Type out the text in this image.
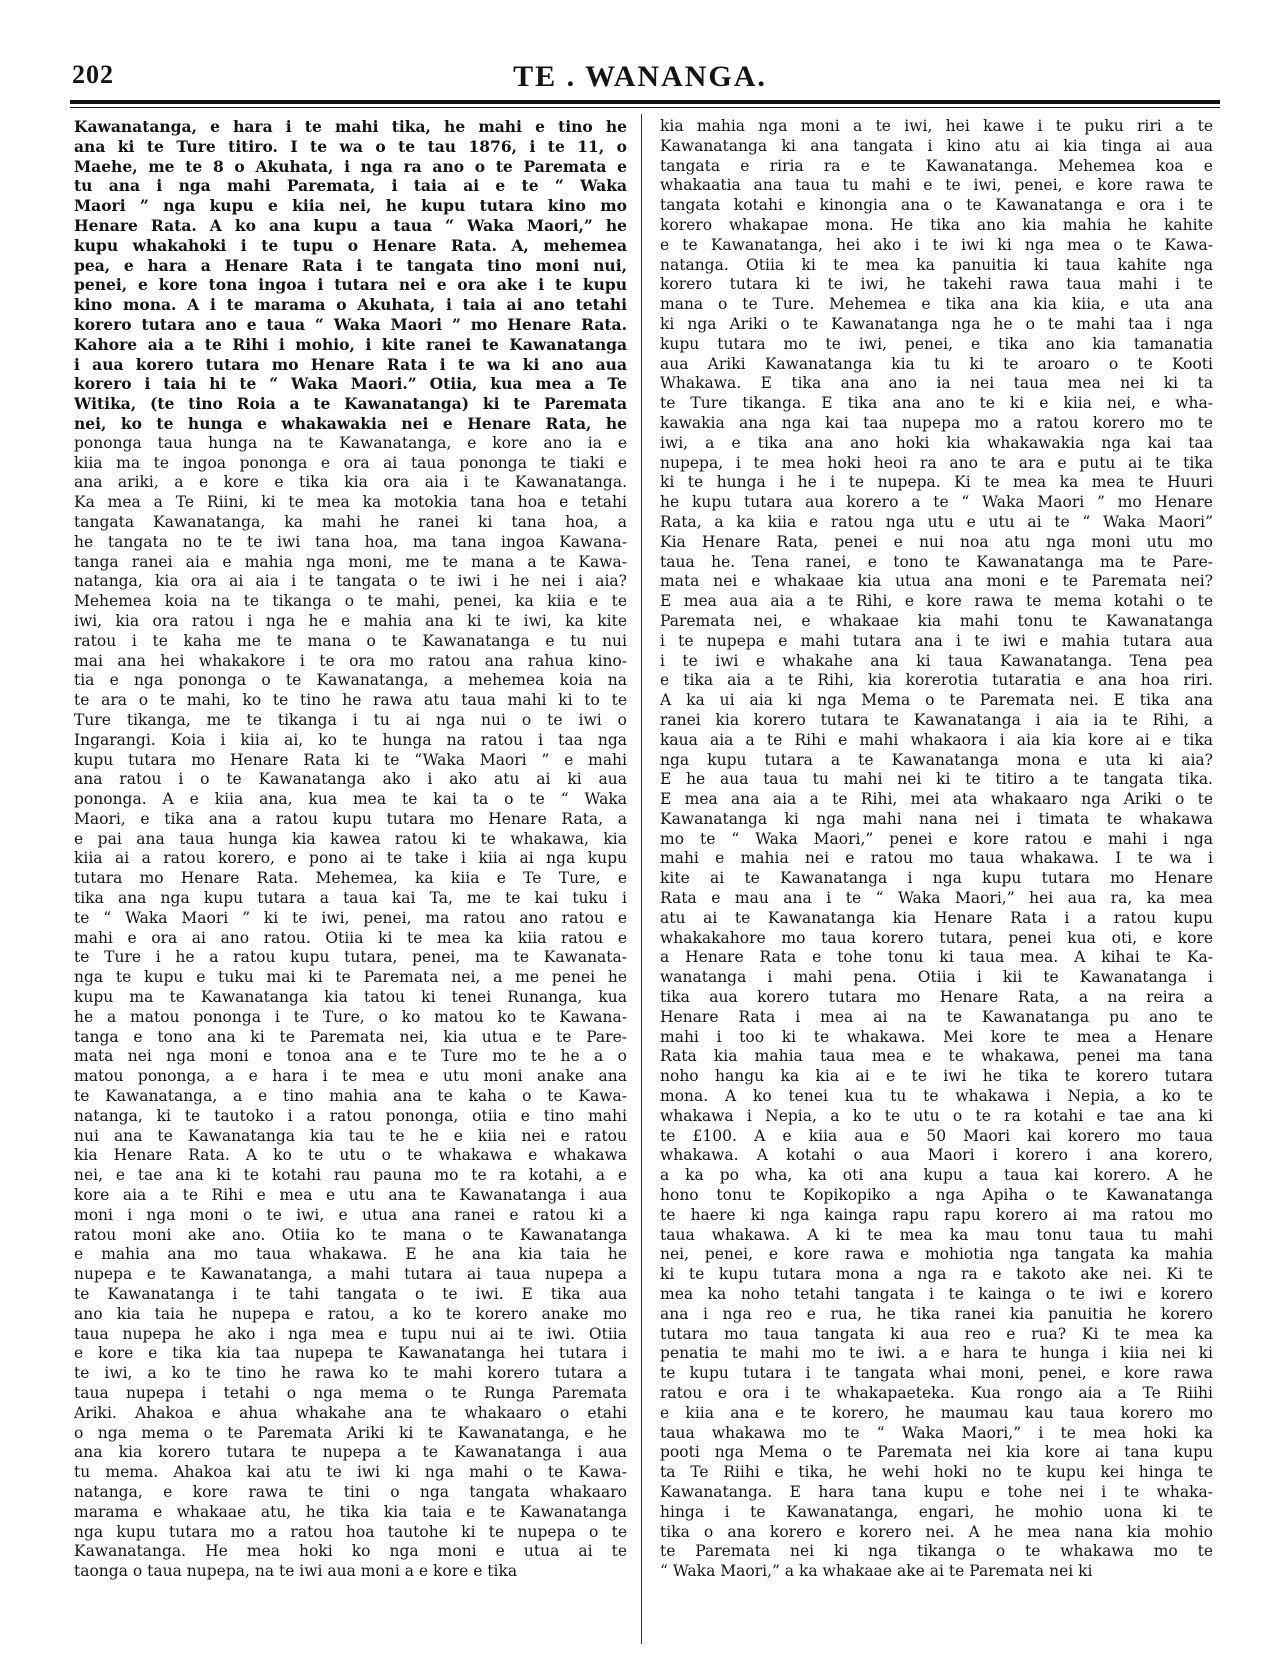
202	TE . WANANGA.
Kawanatanga, e hara i te mahi tika, he mahi e tino he
ana ki te Ture titiro. I te wa o te tau 1876, i te 11, o
Maehe, me te 8 o Akuhata, i nga ra ano o te Paremata e
tu ana i nga mahi Paremata, i taia ai e te “ Waka
Maori ” nga kupu e kiia nei, he kupu tutara kino mo
Henare Rata. A ko ana kupu a taua “ Waka Maori,” he
kupu whakahoki i te tupu o Henare Rata. A, mehemea
pea, e hara a Henare Rata i te tangata tino moni nui,
penei, e kore tona ingoa i tutara nei e ora ake i te kupu
kino mona. A i te marama o Akuhata, i taia ai ano tetahi
korero tutara ano e taua “ Waka Maori ” mo Henare Rata.
Kahore aia a te Rihi i mohio, i kite ranei te Kawanatanga
i aua korero tutara mo Henare Rata i te wa ki ano aua
korero i taia hi te “ Waka Maori.” Otiia, kua mea a Te
Witika, (te tino Roia a te Kawanatanga) ki te Paremata
nei, ko te hunga e whakawakia nei e Henare Rata, he
pononga taua hunga na te Kawanatanga, e kore ano ia e
kiia ma te ingoa pononga e ora ai taua pononga te tiaki e
ana ariki, a e kore e tika kia ora aia i te Kawanatanga.
Ka mea a Te Riini, ki te mea ka motokia tana hoa e tetahi
tangata Kawanatanga, ka mahi he ranei ki tana hoa, a
he tangata no te te iwi tana hoa, ma tana ingoa Kawana-
tanga ranei aia e mahia nga moni, me te mana a te Kawa-
natanga, kia ora ai aia i te tangata o te iwi i he nei i aia?
Mehemea koia na te tikanga o te mahi, penei, ka kiia e te
iwi, kia ora ratou i nga he e mahia ana ki te iwi, ka kite
ratou i te kaha me te mana o te Kawanatanga e tu nui
mai ana hei whakakore i te ora mo ratou ana rahua kino-
tia e nga pononga o te Kawanatanga, a mehemea koia na
te ara o te mahi, ko te tino he rawa atu taua mahi ki to te
Ture tikanga, me te tikanga i tu ai nga nui o te iwi o
Ingarangi. Koia i kiia ai, ko te hunga na ratou i taa nga
kupu tutara mo Henare Rata ki te “Waka Maori ” e mahi
ana ratou i o te Kawanatanga ako i ako atu ai ki aua
pononga. A e kiia ana, kua mea te kai ta o te “ Waka
Maori, e tika ana a ratou kupu tutara mo Henare Rata, a
e pai ana taua hunga kia kawea ratou ki te whakawa, kia
kiia ai a ratou korero, e pono ai te take i kiia ai nga kupu
tutara mo Henare Rata. Mehemea, ka kiia e Te Ture, e
tika ana nga kupu tutara a taua kai Ta, me te kai tuku i
te “ Waka Maori ” ki te iwi, penei, ma ratou ano ratou e
mahi e ora ai ano ratou. Otiia ki te mea ka kiia ratou e
te Ture i he a ratou kupu tutara, penei, ma te Kawanata-
nga te kupu e tuku mai ki te Paremata nei, a me penei he
kupu ma te Kawanatanga kia tatou ki tenei Runanga, kua
he a matou pononga i te Ture, o ko matou ko te Kawana-
tanga e tono ana ki te Paremata nei, kia utua e te Pare-
mata nei nga moni e tonoa ana e te Ture mo te he a o
matou pononga, a e hara i te mea e utu moni anake ana
te Kawanatanga, a e tino mahia ana te kaha o te Kawa-
natanga, ki te tautoko i a ratou pononga, otiia e tino mahi
nui ana te Kawanatanga kia tau te he e kiia nei e ratou
kia Henare Rata. A ko te utu o te whakawa e whakawa
nei, e tae ana ki te kotahi rau pauna mo te ra kotahi, a e
kore aia a te Rihi e mea e utu ana te Kawanatanga i aua
moni i nga moni o te iwi, e utua ana ranei e ratou ki a
ratou moni ake ano. Otiia ko te mana o te Kawanatanga
e mahia ana mo taua whakawa. E he ana kia taia he
nupepa e te Kawanatanga, a mahi tutara ai taua nupepa a
te Kawanatanga i te tahi tangata o te iwi. E tika aua
ano kia taia he nupepa e ratou, a ko te korero anake mo
taua nupepa he ako i nga mea e tupu nui ai te iwi. Otiia
e kore e tika kia taa nupepa te Kawanatanga hei tutara i
te iwi, a ko te tino he rawa ko te mahi korero tutara a
taua nupepa i tetahi o nga mema o te Runga Paremata
Ariki. Ahakoa e ahua whakahe ana te whakaaro o etahi
o nga mema o te Paremata Ariki ki te Kawanatanga, e he
ana kia korero tutara te nupepa a te Kawanatanga i aua
tu mema. Ahakoa kai atu te iwi ki nga mahi o te Kawa-
natanga, e kore rawa te tini o nga tangata whakaaro
marama e whakaae atu, he tika kia taia e te Kawanatanga
nga kupu tutara mo a ratou hoa tautohe ki te nupepa o te
Kawanatanga. He mea hoki ko nga moni e utua ai te
taonga o taua nupepa, na te iwi aua moni a e kore e tika
kia mahia nga moni a te iwi, hei kawe i te puku riri a te
Kawanatanga ki ana tangata i kino atu ai kia tinga ai aua
tangata e riria ra e te Kawanatanga. Mehemea koa e
whakaatia ana taua tu mahi e te iwi, penei, e kore rawa te
tangata kotahi e kinongia ana o te Kawanatanga e ora i te
korero whakapae mona. He tika ano kia mahia he kahite
e te Kawanatanga, hei ako i te iwi ki nga mea o te Kawa-
natanga. Otiia ki te mea ka panuitia ki taua kahite nga
korero tutara ki te iwi, he takehi rawa taua mahi i te
mana o te Ture. Mehemea e tika ana kia kiia, e uta ana
ki nga Ariki o te Kawanatanga nga he o te mahi taa i nga
kupu tutara mo te iwi, penei, e tika ano kia tamanatia
aua Ariki Kawanatanga kia tu ki te aroaro o te Kooti
Whakawa. E tika ana ano ia nei taua mea nei ki ta
te Ture tikanga. E tika ana ano te ki e kiia nei, e wha-
kawakia ana nga kai taa nupepa mo a ratou korero mo te
iwi, a e tika ana ano hoki kia whakawakia nga kai taa
nupepa, i te mea hoki heoi ra ano te ara e putu ai te tika
ki te hunga i he i te nupepa. Ki te mea ka mea te Huuri
he kupu tutara aua korero a te “ Waka Maori ” mo Henare
Rata, a ka kiia e ratou nga utu e utu ai te “ Waka Maori”
Kia Henare Rata, penei e nui noa atu nga moni utu mo
taua he. Tena ranei, e tono te Kawanatanga ma te Pare-
mata nei e whakaae kia utua ana moni e te Paremata nei?
E mea aua aia a te Rihi, e kore rawa te mema kotahi o te
Paremata nei, e whakaae kia mahi tonu te Kawanatanga
i te nupepa e mahi tutara ana i te iwi e mahia tutara aua
i te iwi e whakahe ana ki taua Kawanatanga. Tena pea
e tika aia a te Rihi, kia korerotia tutaratia e ana hoa riri.
A ka ui aia ki nga Mema o te Paremata nei. E tika ana
ranei kia korero tutara te Kawanatanga i aia ia te Rihi, a
kaua aia a te Rihi e mahi whakaora i aia kia kore ai e tika
nga kupu tutara a te Kawanatanga mona e uta ki aia?
E he aua taua tu mahi nei ki te titiro a te tangata tika.
E mea ana aia a te Rihi, mei ata whakaaro nga Ariki o te
Kawanatanga ki nga mahi nana nei i timata te whakawa
mo te “ Waka Maori,” penei e kore ratou e mahi i nga
mahi e mahia nei e ratou mo taua whakawa. I te wa i
kite ai te Kawanatanga i nga kupu tutara mo Henare
Rata e mau ana i te “ Waka Maori,” hei aua ra, ka mea
atu ai te Kawanatanga kia Henare Rata i a ratou kupu
whakakahore mo taua korero tutara, penei kua oti, e kore
a Henare Rata e tohe tonu ki taua mea. A kihai te Ka-
wanatanga i mahi pena. Otiia i kii te Kawanatanga i
tika aua korero tutara mo Henare Rata, a na reira a
Henare Rata i mea ai na te Kawanatanga pu ano te
mahi i too ki te whakawa. Mei kore te mea a Henare
Rata kia mahia taua mea e te whakawa, penei ma tana
noho hangu ka kia ai e te iwi he tika te korero tutara
mona. A ko tenei kua tu te whakawa i Nepia, a ko te
whakawa i Nepia, a ko te utu o te ra kotahi e tae ana ki
te £100. A e kiia aua e 50 Maori kai korero mo taua
whakawa. A kotahi o aua Maori i korero i ana korero,
a ka po wha, ka oti ana kupu a taua kai korero. A he
hono tonu te Kopikopiko a nga Apiha o te Kawanatanga
te haere ki nga kainga rapu rapu korero ai ma ratou mo
taua whakawa. A ki te mea ka mau tonu taua tu mahi
nei, penei, e kore rawa e mohiotia nga tangata ka mahia
ki te kupu tutara mona a nga ra e takoto ake nei. Ki te
mea ka noho tetahi tangata i te kainga o te iwi e korero
ana i nga reo e rua, he tika ranei kia panuitia he korero
tutara mo taua tangata ki aua reo e rua? Ki te mea ka
penatia te mahi mo te iwi. a e hara te hunga i kiia nei ki
te kupu tutara i te tangata whai moni, penei, e kore rawa
ratou e ora i te whakapaeteka. Kua rongo aia a Te Riihi
e kiia ana e te korero, he maumau kau taua korero mo
taua whakawa mo te “ Waka Maori,” i te mea hoki ka
pooti nga Mema o te Paremata nei kia kore ai tana kupu
ta Te Riihi e tika, he wehi hoki no te kupu kei hinga te
Kawanatanga. E hara tana kupu e tohe nei i te whaka-
hinga i te Kawanatanga, engari, he mohio uona ki te
tika o ana korero e korero nei. A he mea nana kia mohio
te Paremata nei ki nga tikanga o te whakawa mo te
“ Waka Maori,” a ka whakaae ake ai te Paremata nei ki
